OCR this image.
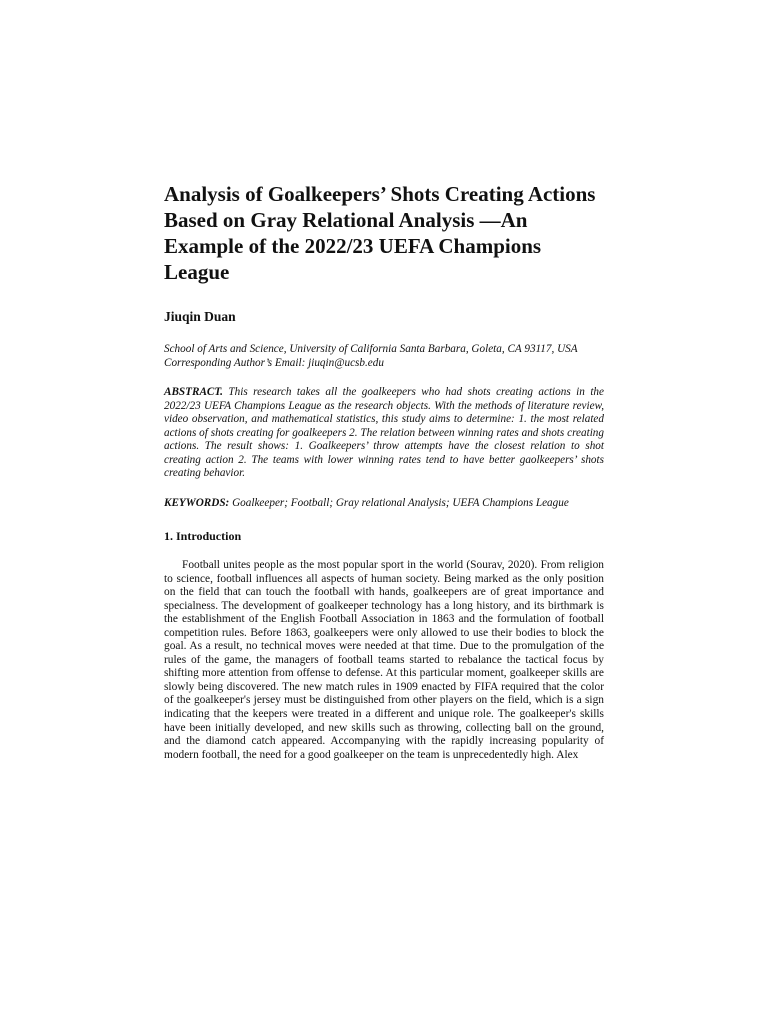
Analysis of Goalkeepers’ Shots Creating Actions Based on Gray Relational Analysis —An Example of the 2022/23 UEFA Champions League

Jiuqin Duan

School of Arts and Science, University of California Santa Barbara, Goleta, CA 93117, USA
Corresponding Author’s Email: jiuqin@ucsb.edu

ABSTRACT. This research takes all the goalkeepers who had shots creating actions in the 2022/23 UEFA Champions League as the research objects. With the methods of literature review, video observation, and mathematical statistics, this study aims to determine: 1. the most related actions of shots creating for goalkeepers 2. The relation between winning rates and shots creating actions. The result shows: 1. Goalkeepers’ throw attempts have the closest relation to shot creating action 2. The teams with lower winning rates tend to have better gaolkeepers’ shots creating behavior.

KEYWORDS: Goalkeeper; Football; Gray relational Analysis; UEFA Champions League

1. Introduction

Football unites people as the most popular sport in the world (Sourav, 2020). From religion to science, football influences all aspects of human society. Being marked as the only position on the field that can touch the football with hands, goalkeepers are of great importance and specialness. The development of goalkeeper technology has a long history, and its birthmark is the establishment of the English Football Association in 1863 and the formulation of football competition rules. Before 1863, goalkeepers were only allowed to use their bodies to block the goal. As a result, no technical moves were needed at that time. Due to the promulgation of the rules of the game, the managers of football teams started to rebalance the tactical focus by shifting more attention from offense to defense. At this particular moment, goalkeeper skills are slowly being discovered. The new match rules in 1909 enacted by FIFA required that the color of the goalkeeper's jersey must be distinguished from other players on the field, which is a sign indicating that the keepers were treated in a different and unique role. The goalkeeper's skills have been initially developed, and new skills such as throwing, collecting ball on the ground, and the diamond catch appeared. Accompanying with the rapidly increasing popularity of modern football, the need for a good goalkeeper on the team is unprecedentedly high. Alex
